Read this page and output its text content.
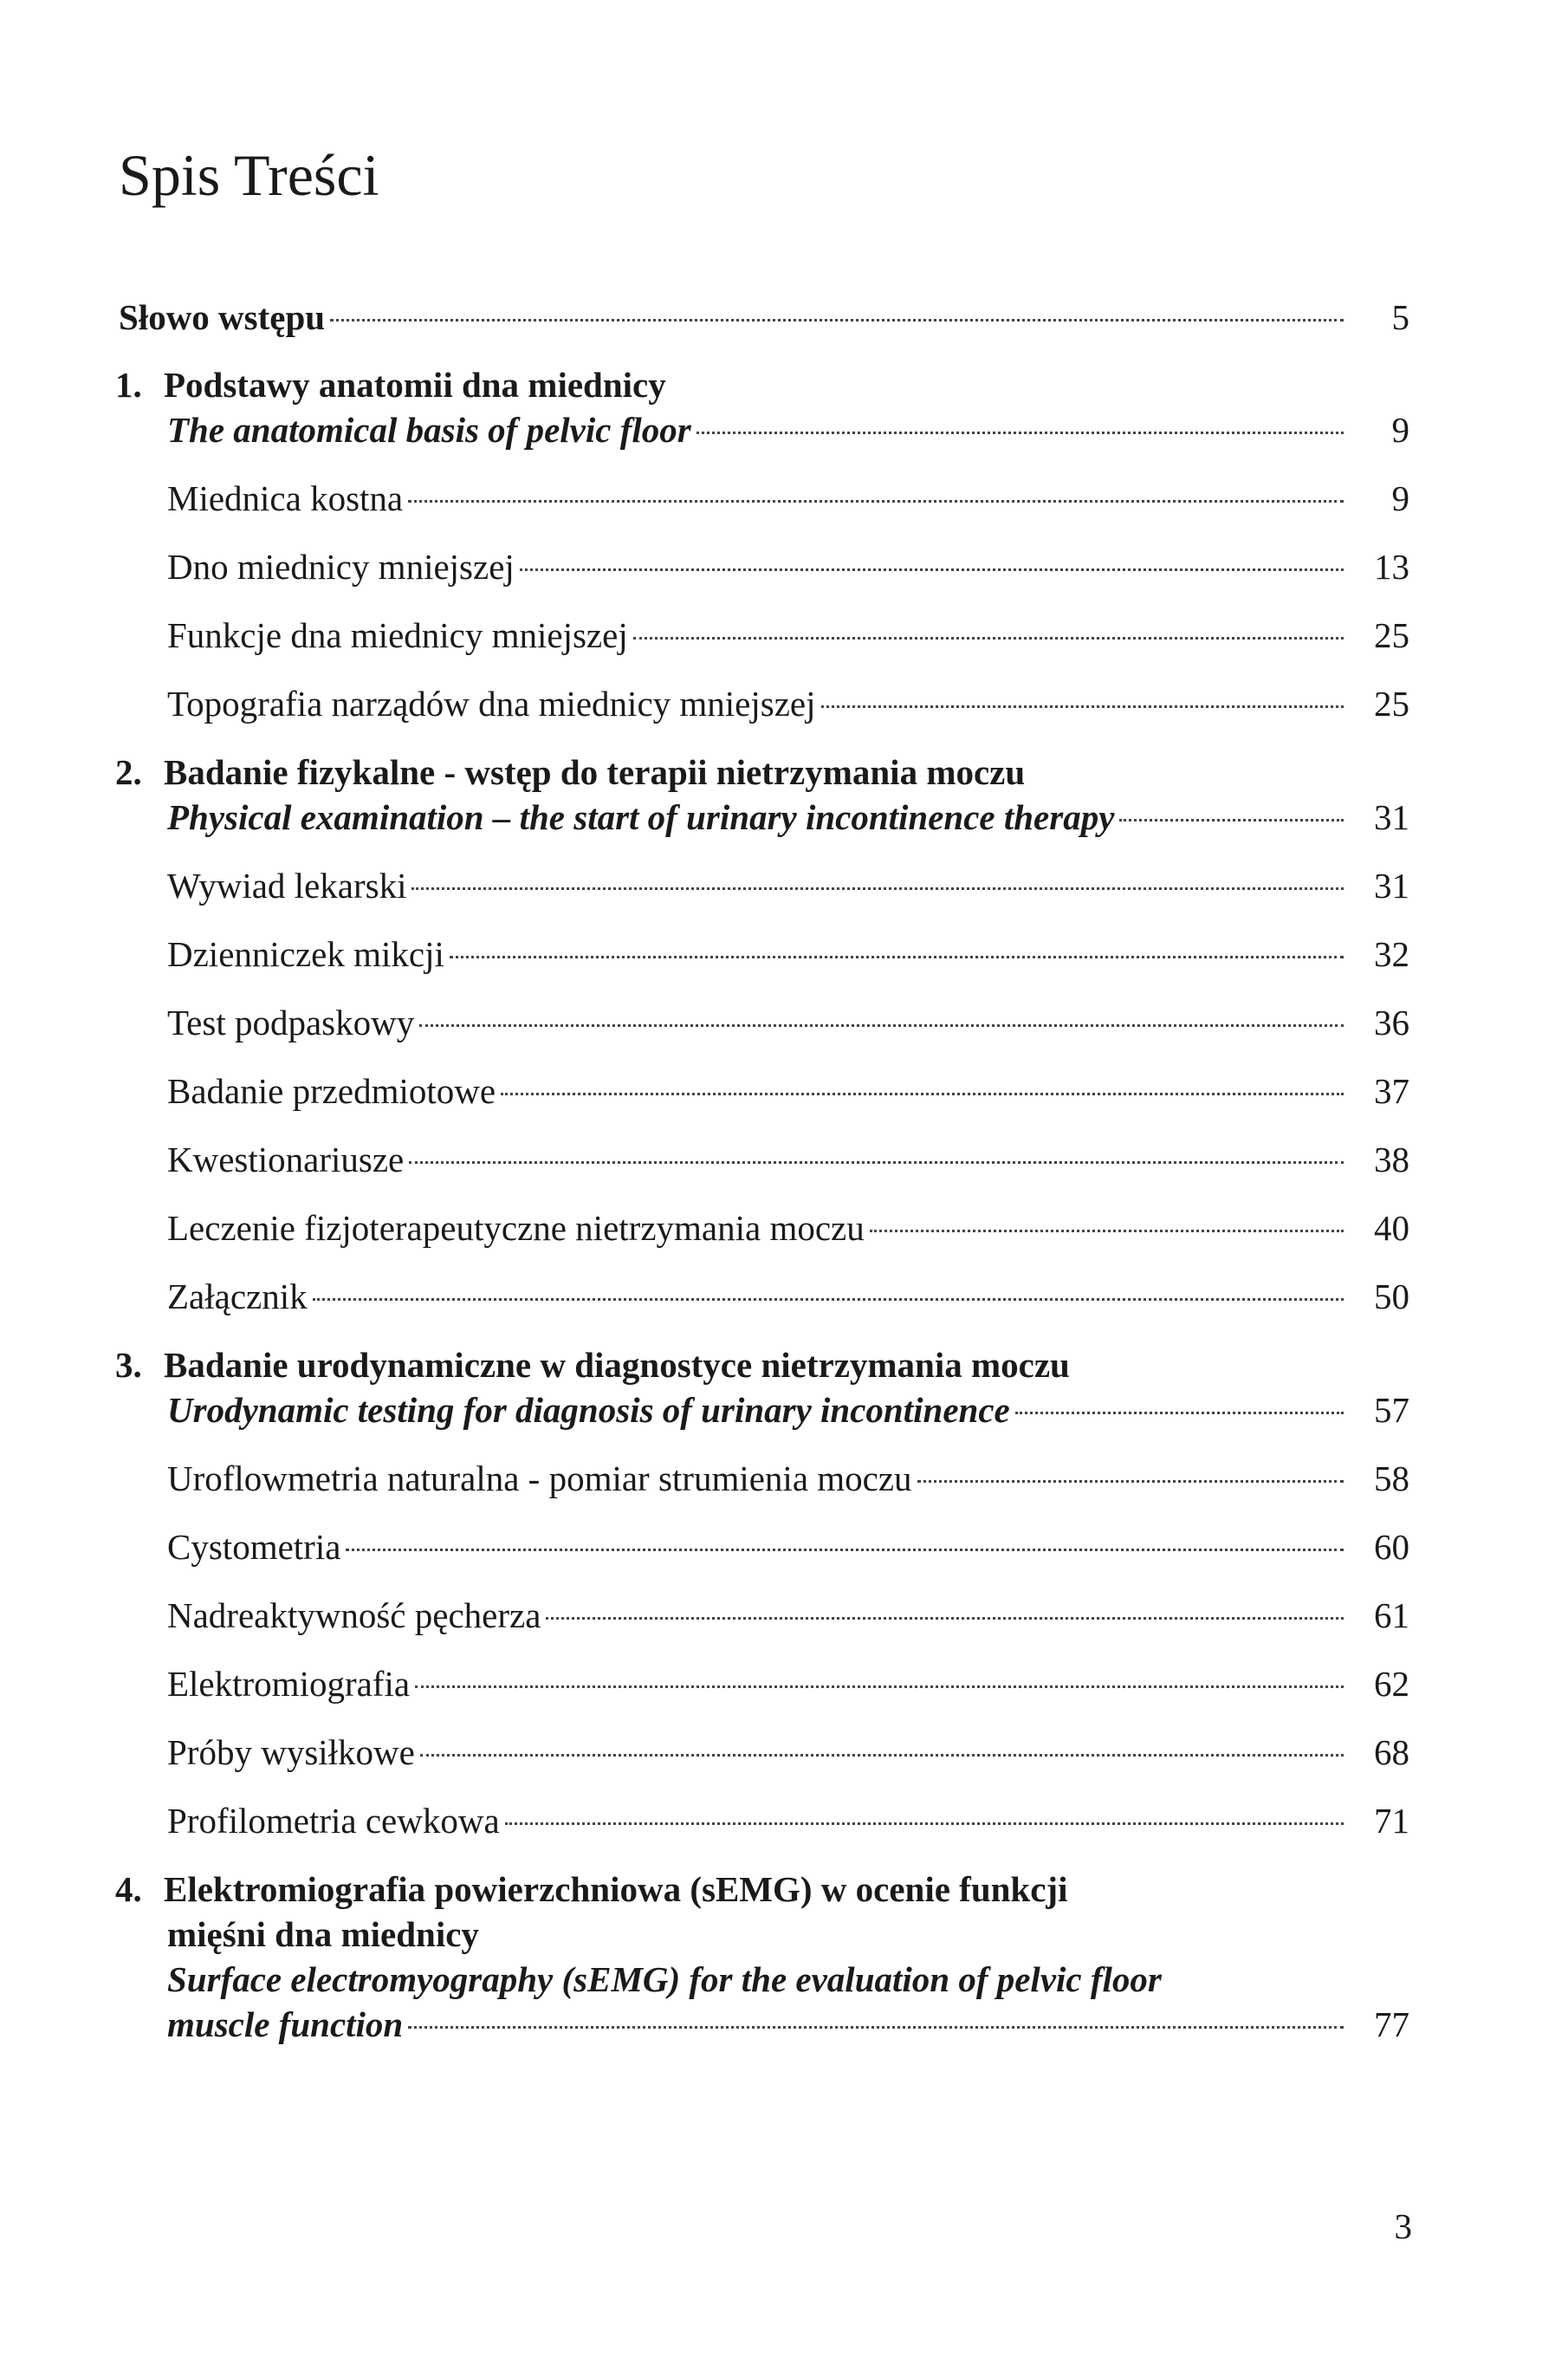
Spis Treści
Słowo wstępu	5
1. Podstawy anatomii dna miednicy
The anatomical basis of pelvic floor	9
Miednica kostna	9
Dno miednicy mniejszej	13
Funkcje dna miednicy mniejszej	25
Topografia narządów dna miednicy mniejszej	25
2. Badanie fizykalne - wstęp do terapii nietrzymania moczu
Physical examination – the start of urinary incontinence therapy	31
Wywiad lekarski	31
Dzienniczek mikcji	32
Test podpaskowy	36
Badanie przedmiotowe	37
Kwestionariusze	38
Leczenie fizjoterapeutyczne nietrzymania moczu	40
Załącznik	50
3. Badanie urodynamiczne w diagnostyce nietrzymania moczu
Urodynamic testing for diagnosis of urinary incontinence	57
Uroflowmetria naturalna - pomiar strumienia moczu	58
Cystometria	60
Nadreaktywność pęcherza	61
Elektromiografia	62
Próby wysiłkowe	68
Profilometria cewkowa	71
4. Elektromiografia powierzchniowa (sEMG) w ocenie funkcji
mięśni dna miednicy
Surface electromyography (sEMG) for the evaluation of pelvic floor
muscle function	77
3
